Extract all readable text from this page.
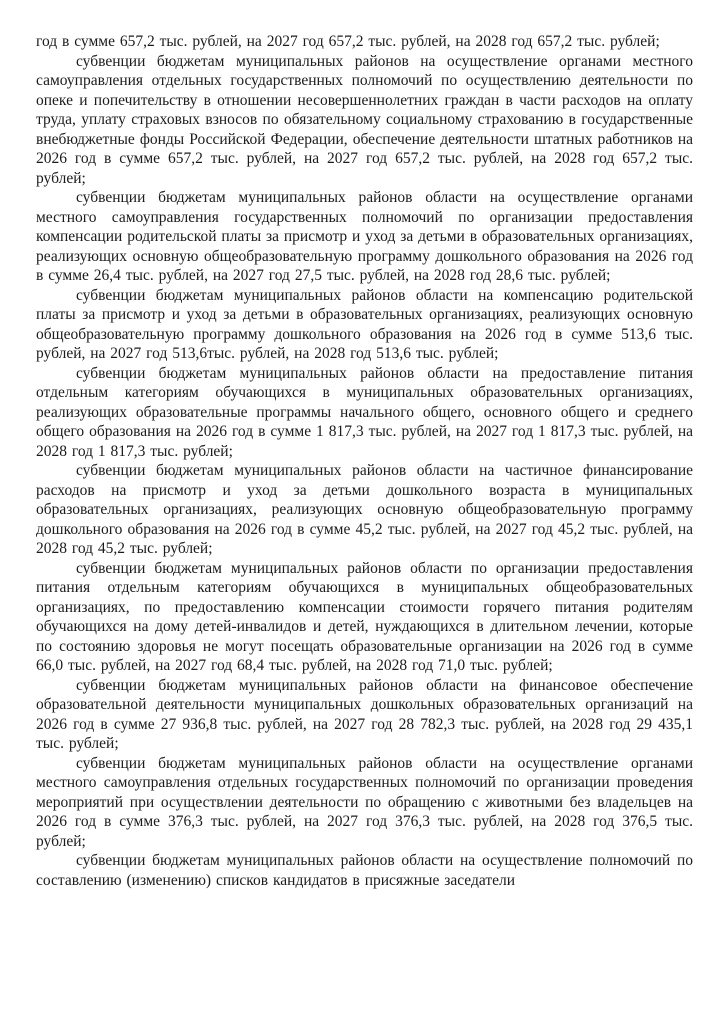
год в сумме 657,2 тыс. рублей, на 2027 год 657,2 тыс. рублей, на 2028 год 657,2 тыс. рублей;

субвенции бюджетам муниципальных районов на осуществление органами местного самоуправления отдельных государственных полномочий по осуществлению деятельности по опеке и попечительству в отношении несовершеннолетних граждан в части расходов на оплату труда, уплату страховых взносов по обязательному социальному страхованию в государственные внебюджетные фонды Российской Федерации, обеспечение деятельности штатных работников на 2026 год в сумме 657,2 тыс. рублей, на 2027 год 657,2 тыс. рублей, на 2028 год 657,2 тыс. рублей;

субвенции бюджетам муниципальных районов области на осуществление органами местного самоуправления государственных полномочий по организации предоставления компенсации родительской платы за присмотр и уход за детьми в образовательных организациях, реализующих основную общеобразовательную программу дошкольного образования на 2026 год в сумме 26,4 тыс. рублей, на 2027 год 27,5 тыс. рублей, на 2028 год 28,6 тыс. рублей;

субвенции бюджетам муниципальных районов области на компенсацию родительской платы за присмотр и уход за детьми в образовательных организациях, реализующих основную общеобразовательную программу дошкольного образования на 2026 год в сумме 513,6 тыс. рублей, на 2027 год 513,6тыс. рублей, на 2028 год 513,6 тыс. рублей;

субвенции бюджетам муниципальных районов области на предоставление питания отдельным категориям обучающихся в муниципальных образовательных организациях, реализующих образовательные программы начального общего, основного общего и среднего общего образования на 2026 год в сумме 1 817,3 тыс. рублей, на 2027 год 1 817,3 тыс. рублей, на 2028 год 1 817,3 тыс. рублей;

субвенции бюджетам муниципальных районов области на частичное финансирование расходов на присмотр и уход за детьми дошкольного возраста в муниципальных образовательных организациях, реализующих основную общеобразовательную программу дошкольного образования на 2026 год в сумме 45,2 тыс. рублей, на 2027 год 45,2 тыс. рублей, на 2028 год 45,2 тыс. рублей;

субвенции бюджетам муниципальных районов области по организации предоставления питания отдельным категориям обучающихся в муниципальных общеобразовательных организациях, по предоставлению компенсации стоимости горячего питания родителям обучающихся на дому детей-инвалидов и детей, нуждающихся в длительном лечении, которые по состоянию здоровья не могут посещать образовательные организации на 2026 год в сумме 66,0 тыс. рублей, на 2027 год 68,4 тыс. рублей, на 2028 год 71,0 тыс. рублей;

субвенции бюджетам муниципальных районов области на финансовое обеспечение образовательной деятельности муниципальных дошкольных образовательных организаций на 2026 год в сумме 27 936,8 тыс. рублей, на 2027 год 28 782,3 тыс. рублей, на 2028 год 29 435,1 тыс. рублей;

субвенции бюджетам муниципальных районов области на осуществление органами местного самоуправления отдельных государственных полномочий по организации проведения мероприятий при осуществлении деятельности по обращению с животными без владельцев на 2026 год в сумме 376,3 тыс. рублей, на 2027 год 376,3 тыс. рублей, на 2028 год 376,5 тыс. рублей;

субвенции бюджетам муниципальных районов области на осуществление полномочий по составлению (изменению) списков кандидатов в присяжные заседатели
